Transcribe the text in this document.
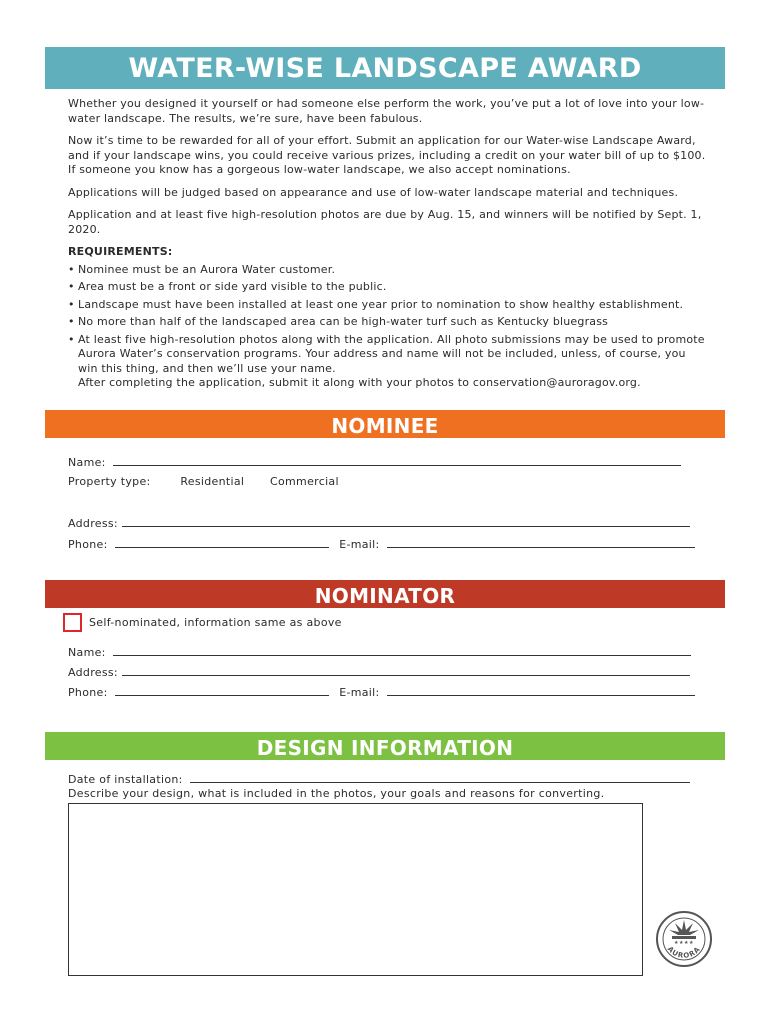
WATER-WISE LANDSCAPE AWARD

Whether you designed it yourself or had someone else perform the work, you’ve put a lot of love into your low-water landscape. The results, we’re sure, have been fabulous.

Now it’s time to be rewarded for all of your effort. Submit an application for our Water-wise Landscape Award, and if your landscape wins, you could receive various prizes, including a credit on your water bill of up to $100. If someone you know has a gorgeous low-water landscape, we also accept nominations.

Applications will be judged based on appearance and use of low-water landscape material and techniques.

Application and at least five high-resolution photos are due by Aug. 15, and winners will be notified by Sept. 1, 2020.

REQUIREMENTS:

• Nominee must be an Aurora Water customer.
• Area must be a front or side yard visible to the public.
• Landscape must have been installed at least one year prior to nomination to show healthy establishment.
• No more than half of the landscaped area can be high-water turf such as Kentucky bluegrass
• At least five high-resolution photos along with the application. All photo submissions may be used to promote Aurora Water’s conservation programs. Your address and name will not be included, unless, of course, you win this thing, and then we’ll use your name.

After completing the application, submit it along with your photos to conservation@auroragov.org.

NOMINEE
Name:
Property type:	Residential Commercial
Address:
Phone:	E-mail:
NOMINATOR
Self-nominated, information same as above
Name:
Address:
Phone:	E-mail:
DESIGN INFORMATION
Date of installation:
Describe your design, what is included in the photos, your goals and reasons for converting.
★ ★ ★ ★
AURORA
